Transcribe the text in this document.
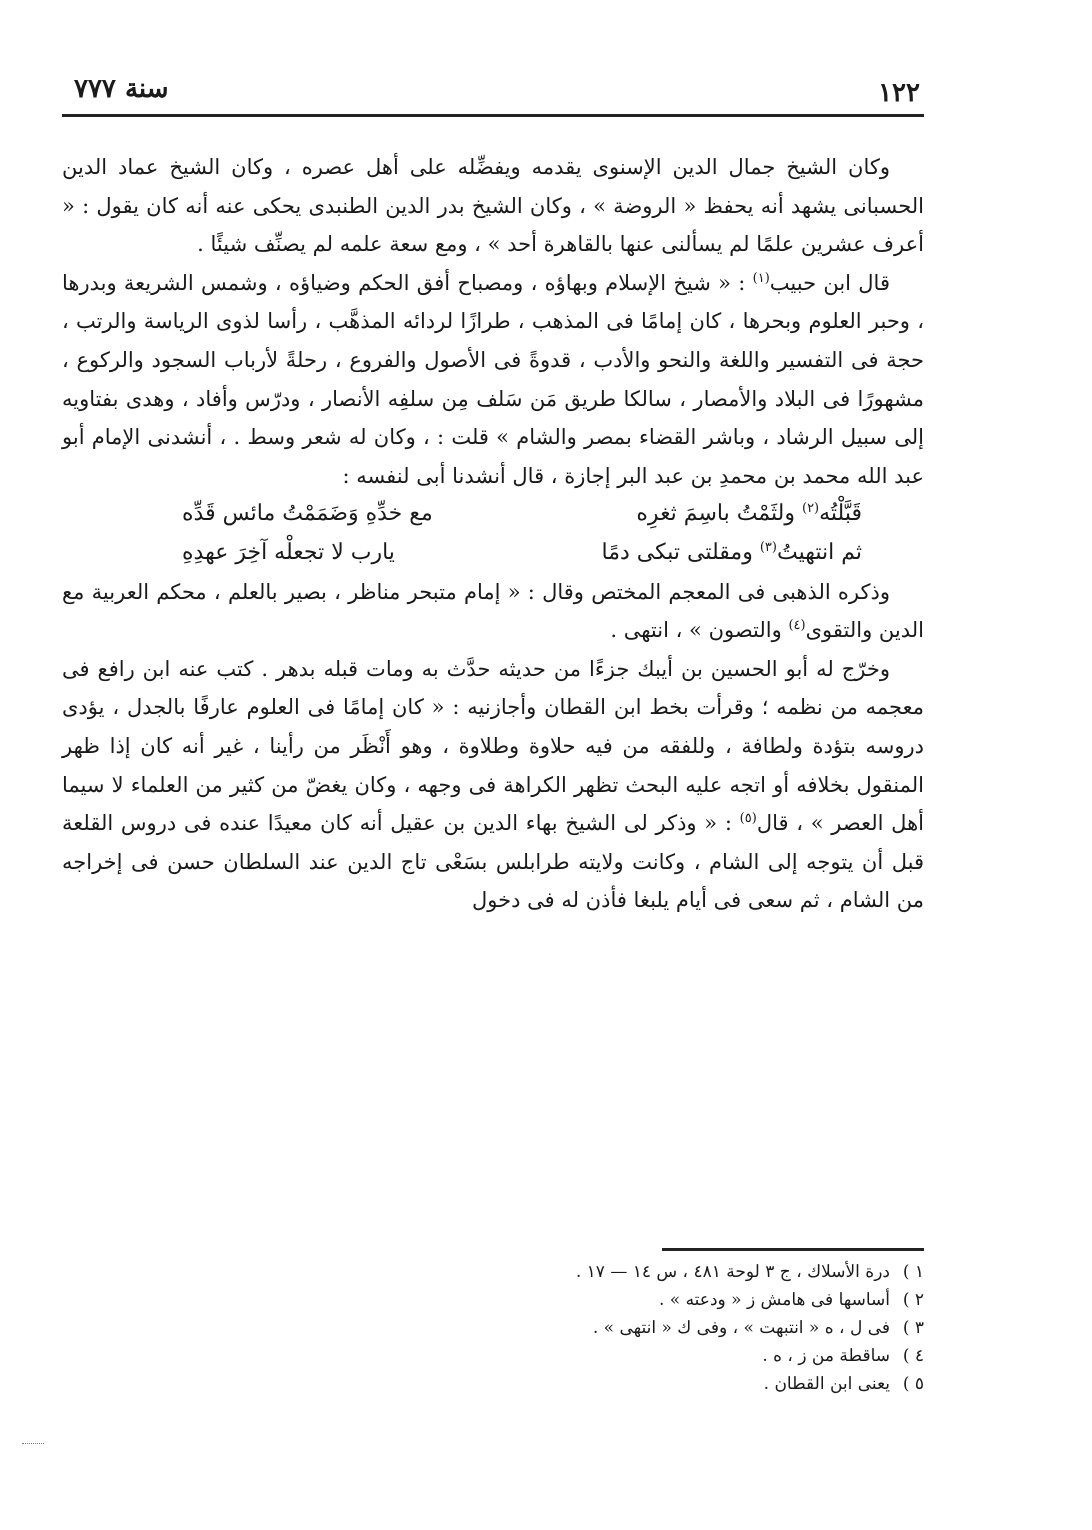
١٢٢
سنة ٧٧٧

وكان الشيخ جمال الدين الإسنوى يقدمه ويفضِّله على أهل عصره ، وكان الشيخ عماد الدين الحسبانى يشهد أنه يحفظ « الروضة » ، وكان الشيخ بدر الدين الطنبدى يحكى عنه أنه كان يقول : « أعرف عشرين علمًا لم يسألنى عنها بالقاهرة أحد » ، ومع سعة علمه لم يصنِّف شيئًا .

قال ابن حبيب$^{(١)}$ : « شيخ الإسلام وبهاؤه ، ومصباح أفق الحكم وضياؤه ، وشمس الشريعة وبدرها ، وحبر العلوم وبحرها ، كان إمامًا فى المذهب ، طرازًا لردائه المذهَّب ، رأسا لذوى الرياسة والرتب ، حجة فى التفسير واللغة والنحو والأدب ، قدوةً فى الأصول والفروع ، رحلةً لأرباب السجود والركوع ، مشهورًا فى البلاد والأمصار ، سالكا طريق مَن سَلف مِن سلفِه الأنصار ، ودرّس وأفاد ، وهدى بفتاويه إلى سبيل الرشاد ، وباشر القضاء بمصر والشام » قلت : ، وكان له شعر وسط . ، أنشدنى الإمام أبو عبد الله محمد بن محمدِ بن عبد البر إجازة ، قال أنشدنا أبى لنفسه :

قَبَّلْتُه(٢) ولثَمْتُ باسِمَ ثغرِه
مع خدِّهِ وَضَمَمْتُ مائس قَدِّه
ثم انتهيتُ(٣) ومقلتى تبكى دمًا
يارب لا تجعلْه آخِرَ عهدِهِ

وذكره الذهبى فى المعجم المختص وقال : « إمام متبحر مناظر ، بصير بالعلم ، محكم العربية مع الدين والتقوى$^{(٤)}$ والتصون » ، انتهى .

وخرّج له أبو الحسين بن أيبك جزءًا من حديثه حدَّث به ومات قبله بدهر . كتب عنه ابن رافع فى معجمه من نظمه ؛ وقرأت بخط ابن القطان وأجازنيه : « كان إمامًا فى العلوم عارفًا بالجدل ، يؤدى دروسه بتؤدة ولطافة ، وللفقه من فيه حلاوة وطلاوة ، وهو أَنْظَر من رأينا ، غير أنه كان إذا ظهر المنقول بخلافه أو اتجه عليه البحث تظهر الكراهة فى وجهه ، وكان يغضّ من كثير من العلماء لا سيما أهل العصر » ، قال$^{(٥)}$ : « وذكر لى الشيخ بهاء الدين بن عقيل أنه كان معيدًا عنده فى دروس القلعة قبل أن يتوجه إلى الشام ، وكانت ولايته طرابلس بسَعْى تاج الدين عند السلطان حسن فى إخراجه من الشام ، ثم سعى فى أيام يلبغا فأذن له فى دخول

١ )
درة الأسلاك ، ج ٣ لوحة ٤٨١ ، س ١٤ — ١٧ .
٢ )
أساسها فى هامش ز « ودعته » .
٣ )
فى ل ، ه « انتبهت » ، وفى ك « انتهى » .
٤ )
ساقطة من ز ، ه .
٥ )
يعنى ابن القطان .
